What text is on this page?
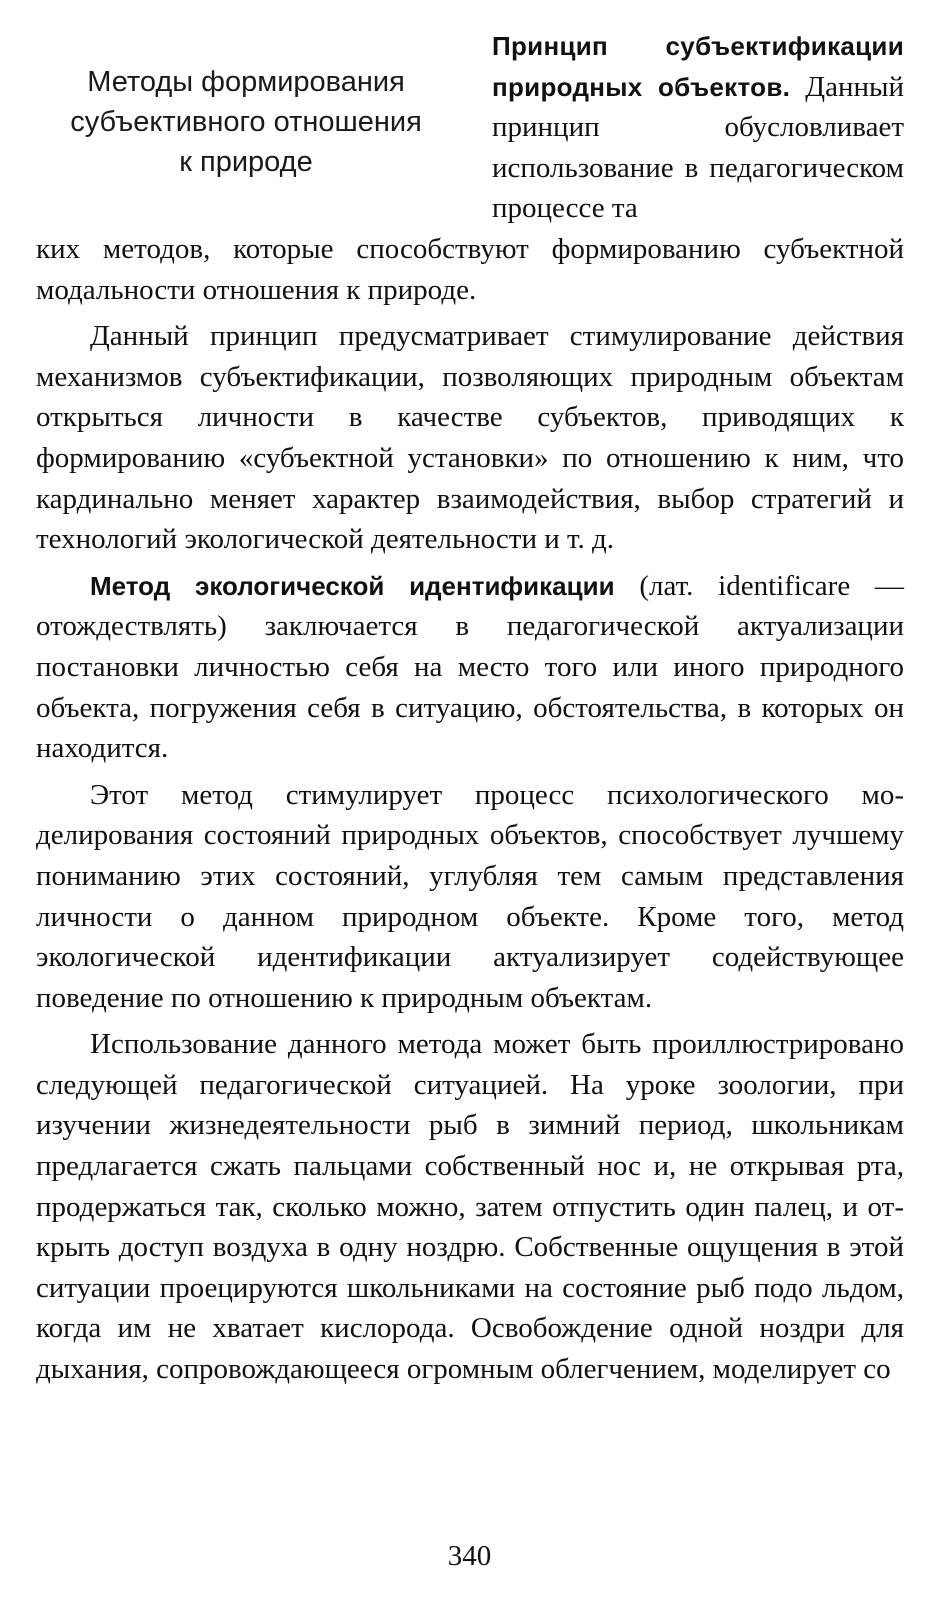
Методы формирования
субъективного отношения
к природе
Принцип субъектификации природных объектов. Данный принцип обусловливает использование в педагогическом процессе та

ких методов, которые способствуют формированию субъектной модальности отношения к природе.

Данный принцип предусматривает стимулирование действия механизмов субъектификации, позволяющих природным объектам открыться личности в качестве субъектов, приводящих к формированию «субъектной установки» по отношению к ним, что кардинально меняет характер взаимодействия, выбор стратегий и технологий экологической деятельности и т. д.

Метод экологической идентификации (лат. identificare — отождествлять) заключается в педагогической актуализации постановки личностью себя на место того или иного природного объекта, погружения себя в ситуацию, обстоятельства, в которых он находится.

Этот метод стимулирует процесс психологического моделирования состояний природных объектов, способствует лучшему пониманию этих состояний, углубляя тем самым представления личности о данном природном объекте. Кроме того, метод экологической идентификации актуализирует содействующее поведение по отношению к природным объектам.

Использование данного метода может быть проиллюстрировано следующей педагогической ситуацией. На уроке зоологии, при изучении жизнедеятельности рыб в зимний период, школьникам предлагается сжать пальцами собственный нос и, не открывая рта, продержаться так, сколько можно, затем отпустить один палец, и открыть доступ воздуха в одну ноздрю. Собственные ощущения в этой ситуации проецируются школьниками на состояние рыб подо льдом, когда им не хватает кислорода. Освобождение одной ноздри для дыхания, сопровождающееся огромным облегчением, моделирует со

340
